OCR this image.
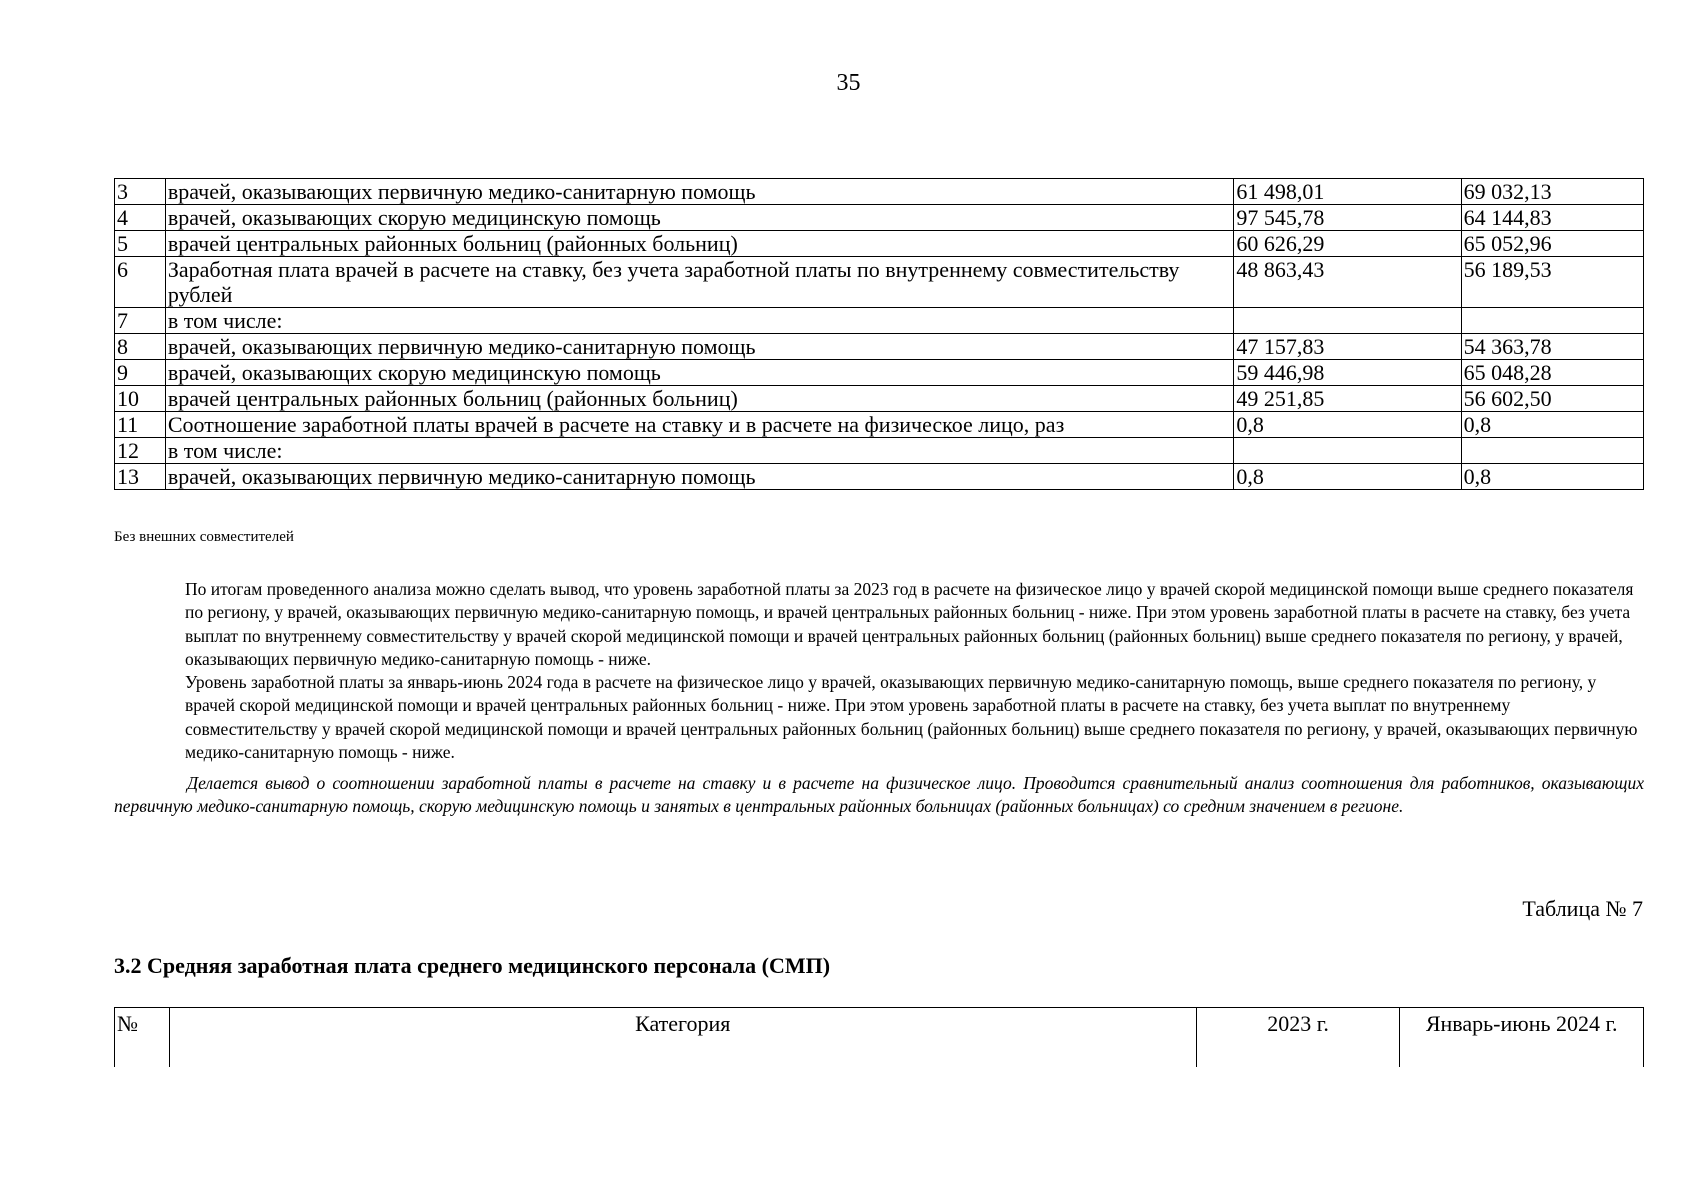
35
3	врачей, оказывающих первичную медико-санитарную помощь	61 498,01	69 032,13
4	врачей, оказывающих скорую медицинскую помощь	97 545,78	64 144,83
5	врачей центральных районных больниц (районных больниц)	60 626,29	65 052,96
6	Заработная плата врачей в расчете на ставку, без учета заработной платы по внутреннему совместительству рублей	48 863,43	56 189,53
7	в том числе:		
8	врачей, оказывающих первичную медико-санитарную помощь	47 157,83	54 363,78
9	врачей, оказывающих скорую медицинскую помощь	59 446,98	65 048,28
10	врачей центральных районных больниц (районных больниц)	49 251,85	56 602,50
11	Соотношение заработной платы врачей в расчете на ставку и в расчете на физическое лицо, раз	0,8	0,8
12	в том числе:		
13	врачей, оказывающих первичную медико-санитарную помощь	0,8	0,8
Без внешних совместителей

По итогам проведенного анализа можно сделать вывод, что уровень заработной платы за 2023 год в расчете на физическое лицо у врачей скорой медицинской помощи выше среднего показателя по региону, у врачей, оказывающих первичную медико-санитарную помощь, и врачей центральных районных больниц - ниже. При этом уровень заработной платы в расчете на ставку, без учета выплат по внутреннему совместительству у врачей скорой медицинской помощи и врачей центральных районных больниц (районных больниц) выше среднего показателя по региону, у врачей, оказывающих первичную медико-санитарную помощь - ниже.

Уровень заработной платы за январь-июнь 2024 года в расчете на физическое лицо у врачей, оказывающих первичную медико-санитарную помощь, выше среднего показателя по региону, у врачей скорой медицинской помощи и врачей центральных районных больниц - ниже. При этом уровень заработной платы в расчете на ставку, без учета выплат по внутреннему совместительству у врачей скорой медицинской помощи и врачей центральных районных больниц (районных больниц) выше среднего показателя по региону, у врачей, оказывающих первичную медико-санитарную помощь - ниже.

Делается вывод о соотношении заработной платы в расчете на ставку и в расчете на физическое лицо. Проводится сравнительный анализ соотношения для работников, оказывающих первичную медико-санитарную помощь, скорую медицинскую помощь и занятых в центральных районных больницах (районных больницах) со средним значением в регионе.
Таблица № 7
3.2 Средняя заработная плата среднего медицинского персонала (СМП)
№	Категория	2023 г.	Январь-июнь 2024 г.
